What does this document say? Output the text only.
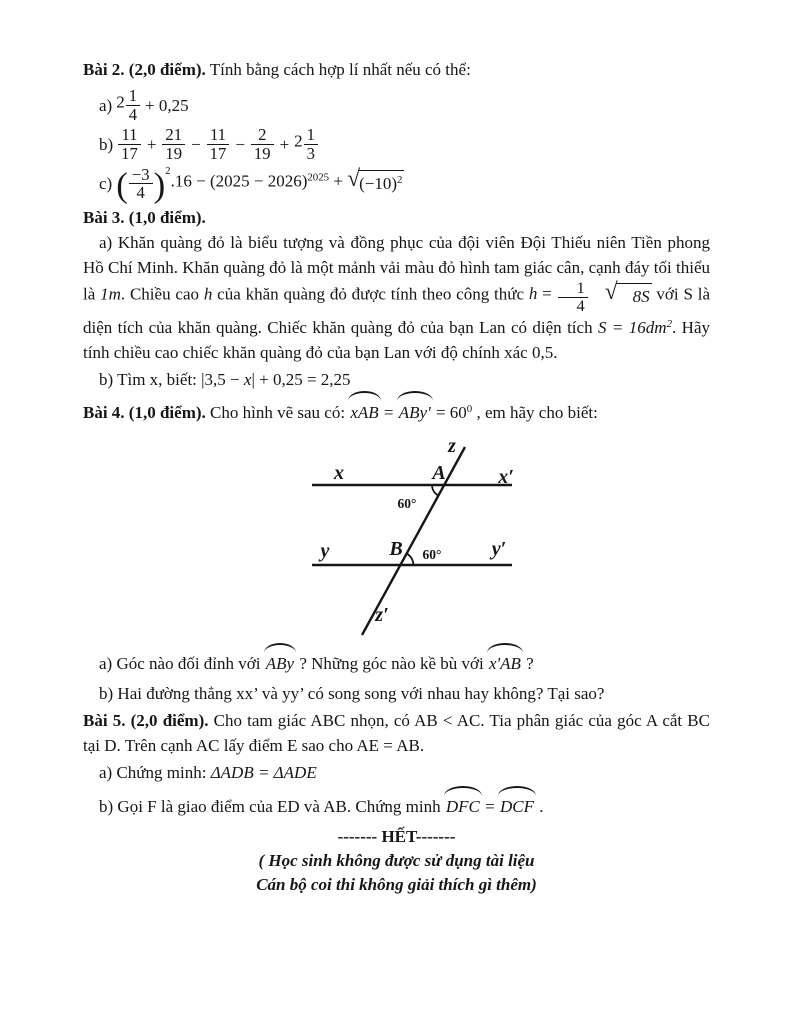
Bài 2. (2,0 điểm). Tính bằng cách hợp lí nhất nếu có thể:

a) $2 \frac{1}{4} + 0,25$
$b) \frac{11}{17} + \frac{21}{19} - \frac{11}{17} - \frac{2}{19} + 2 \frac{1}{3}$
c) ( $\frac{-3}{4} )^2.16 - (2025 - 2026)^{2025}$ + √ $(-10)^2$

Bài 3. (1,0 điểm).

a) Khăn quàng đỏ là biểu tượng và đồng phục của đội viên Đội Thiếu niên Tiền phong Hồ Chí Minh. Khăn quàng đỏ là một mảnh vải màu đỏ hình tam giác cân, cạnh đáy tối thiểu là 1m. Chiều cao h của khăn quàng đỏ được tính theo công thức $h = \frac{1}{4}$ √ 8S với S là diện tích của khăn quàng. Chiếc khăn quàng đỏ của bạn Lan có diện tích $S = 16dm^2$. Hãy tính chiều cao chiếc khăn quàng đỏ của bạn Lan với độ chính xác 0,5.

b) Tìm x, biết: |3,5 − x| + 0,25 = 2,25

Bài 4. (1,0 điểm). Cho hình vẽ sau có: xAB = $ABy' = 60^0$ , em hãy cho biết:

z
x	A	x′
60°
y	B 60°	y′
z′

a) Góc nào đối đỉnh với ABy ? Những góc nào kề bù với x'AB ?

b) Hai đường thẳng xx’ và yy’ có song song với nhau hay không? Tại sao?

Bài 5. (2,0 điểm). Cho tam giác ABC nhọn, có AB < AC. Tia phân giác của góc A cắt BC tại D. Trên cạnh AC lấy điểm E sao cho AE = AB.

a) Chứng minh: ΔADB = ΔADE

b) Gọi F là giao điểm của ED và AB. Chứng minh DFC = DCF .

------- HẾT-------

( Học sinh không được sử dụng tài liệu

Cán bộ coi thi không giải thích gì thêm)
